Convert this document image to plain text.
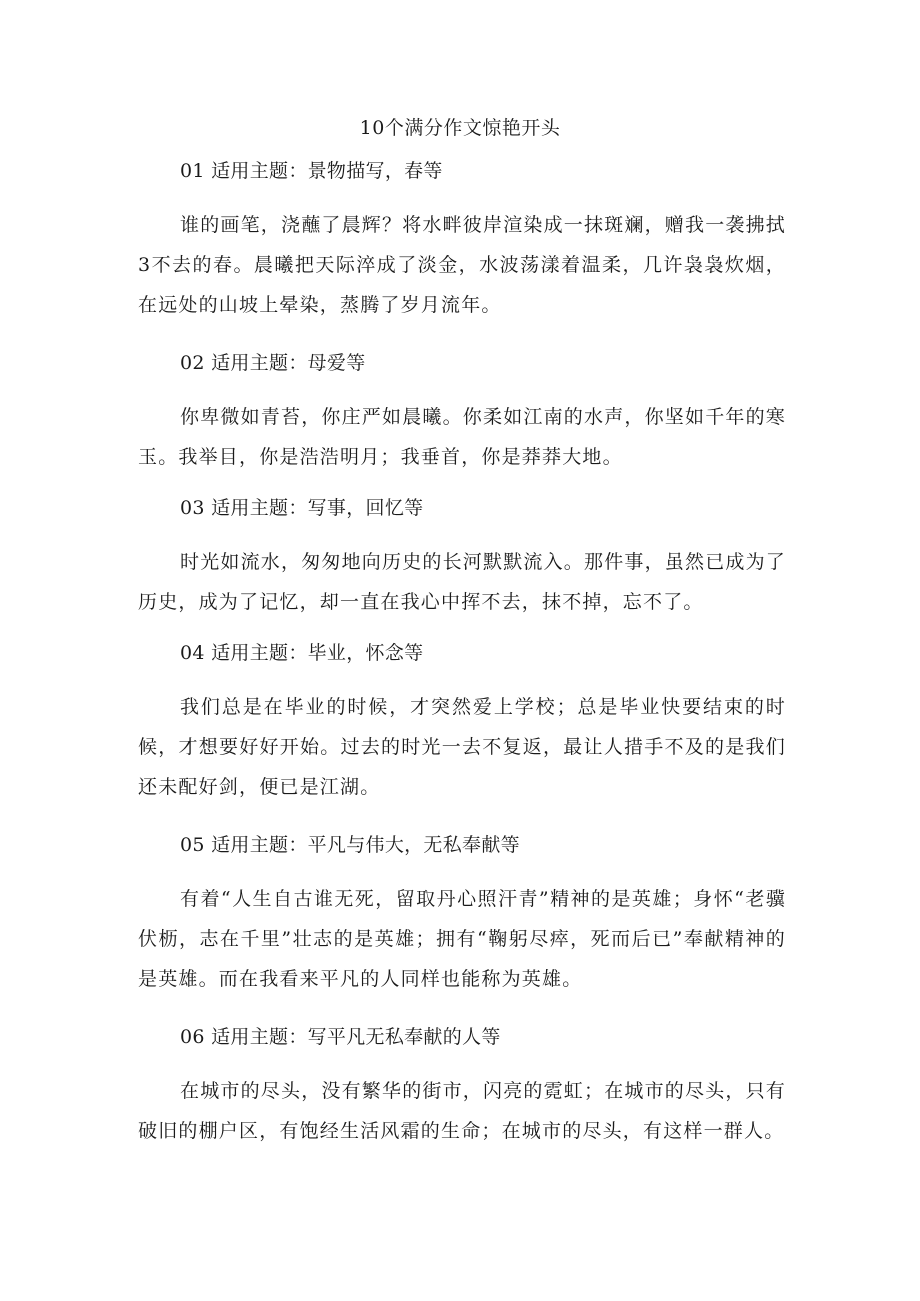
10个满分作文惊艳开头
01 适用主题：景物描写，春等
谁的画笔，浇蘸了晨辉？将水畔彼岸渲染成一抹斑斓，赠我一袭拂拭3不去的春。晨曦把天际淬成了淡金，水波荡漾着温柔，几许袅袅炊烟，在远处的山坡上晕染，蒸腾了岁月流年。
02 适用主题：母爱等
你卑微如青苔，你庄严如晨曦。你柔如江南的水声，你坚如千年的寒玉。我举目，你是浩浩明月；我垂首，你是莽莽大地。
03 适用主题：写事，回忆等
时光如流水，匆匆地向历史的长河默默流入。那件事，虽然已成为了历史，成为了记忆，却一直在我心中挥不去，抹不掉，忘不了。
04 适用主题：毕业，怀念等
我们总是在毕业的时候，才突然爱上学校；总是毕业快要结束的时候，才想要好好开始。过去的时光一去不复返，最让人措手不及的是我们还未配好剑，便已是江湖。
05 适用主题：平凡与伟大，无私奉献等
有着“人生自古谁无死，留取丹心照汗青”精神的是英雄；身怀“老骥伏枥，志在千里”壮志的是英雄；拥有“鞠躬尽瘁，死而后已”奉献精神的是英雄。而在我看来平凡的人同样也能称为英雄。
06 适用主题：写平凡无私奉献的人等
在城市的尽头，没有繁华的街市，闪亮的霓虹；在城市的尽头，只有破旧的棚户区，有饱经生活风霜的生命；在城市的尽头，有这样一群人。
